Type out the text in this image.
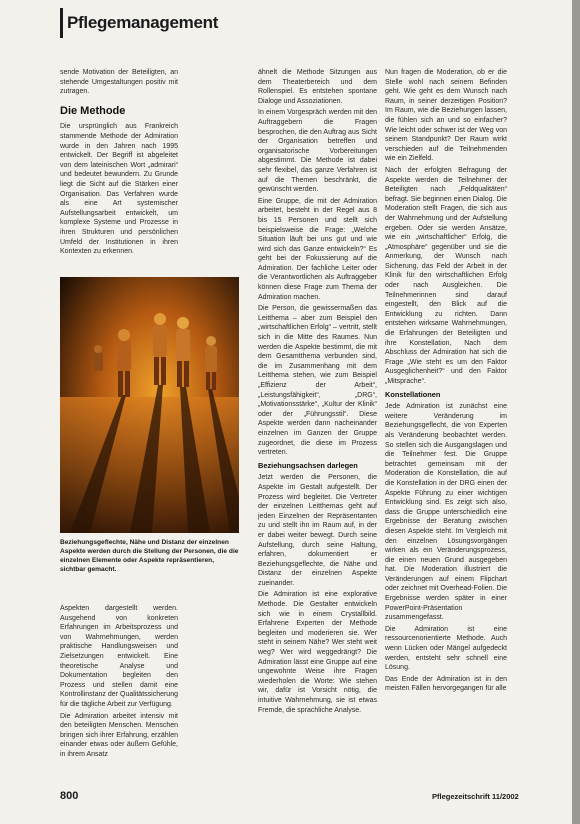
Pflegemanagement

sende Motivation der Beteiligten, an stehende Umgestaltungen positiv mit zutragen.

Die Methode

Die ursprünglich aus Frankreich stammende Methode der Admiration wurde in den Jahren nach 1995 entwickelt. Der Begriff ist abgeleitet von dem lateinischen Wort „admirari“ und bedeutet bewundern. Zu Grunde liegt die Sicht auf die Stärken einer Organisation. Das Verfahren wurde als eine Art systemischer Aufstellungsarbeit entwickelt, um komplexe Systeme und Prozesse in ihren Strukturen und persönlichen Umfeld der Institutionen in ihren Kontexten zu erkennen.

Beziehungsgeflechte, Nähe und Distanz der einzelnen Aspekte werden durch die Stellung der Personen, die die einzelnen Elemente oder Aspekte repräsentieren, sichtbar gemacht.

Aspekten dargestellt werden. Ausgehend von konkreten Erfahrungen im Arbeitsprozess und von Wahrnehmungen, werden praktische Handlungsweisen und Zielsetzungen entwickelt. Eine theoretische Analyse und Dokumentation begleiten den Prozess und stellen damit eine Kontrollinstanz der Qualitätssicherung für die tägliche Arbeit zur Verfügung.

Die Admiration arbeitet intensiv mit den beteiligten Menschen. Menschen bringen sich ihrer Erfahrung, erzählen einander etwas oder äußern Gefühle, in ihrem Ansatz

ähnelt die Methode Sitzungen aus dem Theaterbereich und dem Rollenspiel. Es entstehen spontane Dialoge und Assoziationen.

In einem Vorgespräch werden mit den Auftraggebern die Fragen besprochen, die den Auftrag aus Sicht der Organisation betreffen und organisatorische Vorbereitungen abgestimmt. Die Methode ist dabei sehr flexibel, das ganze Verfahren ist auf die Themen beschränkt, die gewünscht werden.

Eine Gruppe, die mit der Admiration arbeitet, besteht in der Regel aus 8 bis 15 Personen und stellt sich beispielsweise die Frage: „Welche Situation läuft bei uns gut und wie wird sich das Ganze entwickeln?“ Es geht bei der Fokussierung auf die Admiration. Der fachliche Leiter oder die Verantwortlichen als Auftraggeber können diese Frage zum Thema der Admiration machen.

Die Person, die gewissermaßen das Leitthema – aber zum Beispiel den „wirtschaftlichen Erfolg“ – vertritt, stellt sich in die Mitte des Raumes. Nun werden die Aspekte bestimmt, die mit dem Gesamtthema verbunden sind, die im Zusammenhang mit dem Leitthema stehen, wie zum Beispiel „Effizienz der Arbeit“, „Leistungsfähigkeit“, „DRG“, „Motivationsstärke“, „Kultur der Klinik“ oder der „Führungsstil“. Diese Aspekte werden dann nacheinander einzelnen im Ganzen der Gruppe zugeordnet, die diese im Prozess vertreten.

Beziehungsachsen darlegen

Jetzt werden die Personen, die Aspekte im Gestalt aufgestellt. Der Prozess wird begleitet. Die Vertreter der einzelnen Leitthemas geht auf jeden Einzelnen der Repräsentanten zu und stellt ihn im Raum auf, in der er dabei weiter bewegt. Durch seine Aufstellung, durch seine Haltung, erfahren, dokumentiert er Beziehungsgeflechte, die Nähe und Distanz der einzelnen Aspekte zueinander.

Die Admiration ist eine explorative Methode. Die Gestalter entwickeln sich wie in einem Crystallbild. Erfahrene Experten der Methode begleiten und moderieren sie. Wer steht in seinem Nähe? Wer steht weit weg? Wer wird weggedrängt? Die Admiration lässt eine Gruppe auf eine ungewohnte Weise ihre Fragen wiederholen die Worte: Wie stehen wir, dafür ist Vorsicht nötig, die intuitive Wahrnehmung, sie ist etwas Fremde, die sprachliche Analyse.

Nun fragen die Moderation, ob er die Stelle wohl nach seinem Befinden geht. Wie geht es dem Wunsch nach Raum, in seiner derzeitigen Position? Im Raum, wie die Beziehungen lassen, die fühlen sich an und so einfacher? Wie leicht oder schwer ist der Weg von seinem Standpunkt? Der Raum wirkt verschieden auf die Teilnehmenden wie ein Zielfeld.

Nach der erfolgten Befragung der Aspekte werden die Teilnehmer der Beteiligten nach „Feldqualitäten“ befragt. Sie beginnen einen Dialog. Die Moderation stellt Fragen, die sich aus der Wahrnehmung und der Aufstellung ergeben. Oder sie werden Ansätze, wie ein „wirtschaftlicher“ Erfolg, die „Atmosphäre“ gegenüber und sie die Anmerkung, der Wunsch nach Sicherung, das Feld der Arbeit in der Klinik für den wirtschaftlichen Erfolg oder nach Ausgleichen. Die Teilnehmerinnen sind darauf eingestellt, den Blick auf die Entwicklung zu richten. Dann entstehen wirksame Wahrnehmungen, die Erfahrungen der Beteiligten und ihre Konstellation, Nach dem Abschluss der Admiration hat sich die Frage „Wie steht es um den Faktor Ausgeglichenheit?“ und den Faktor „Mitsprache“.

Konstellationen

Jede Admiration ist zunächst eine weitere Veränderung im Beziehungsgeflecht, die von Experten als Veränderung beobachtet werden. So stellen sich die Ausgangslagen und die Teilnehmer fest. Die Gruppe betrachtet gemeinsam mit der Moderation die Konstellation, die auf die Konstellation in der DRG einen der Aspekte Führung zu einer wichtigen Entwicklung sind. Es zeigt sich also, dass die Gruppe unterschiedlich eine Ergebnisse der Beratung zwischen diesen Aspekte steht. Im Vergleich mit den einzelnen Lösungsvorgängen wirken als ein Veränderungsprozess, die einen neuen Grund ausgegeben hat. Die Moderation illustriert die Veränderungen auf einem Flipchart oder zeichnet mit Overhead-Folien. Die Ergebnisse werden später in einer PowerPoint-Präsentation zusammengefasst.

Die Admiration ist eine ressourcenorientierte Methode. Auch wenn Lücken oder Mängel aufgedeckt werden, entsteht sehr schnell eine Lösung.

Das Ende der Admiration ist in den meisten Fällen hervorgegangen für alle

800	Pflegezeitschrift 11/2002
